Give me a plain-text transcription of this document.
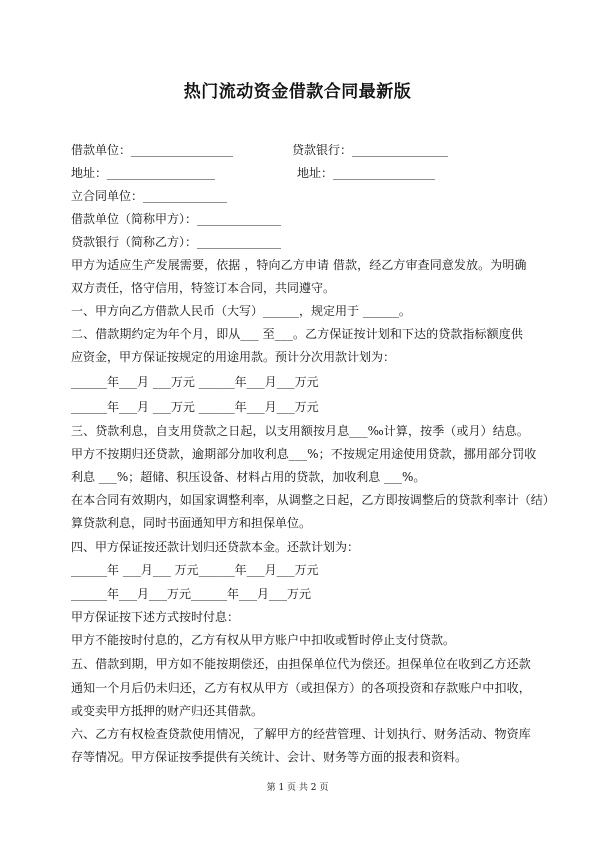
热门流动资金借款合同最新版
借款单位：_________________	贷款银行：________________
地址：__________________	地址：_________________
立合同单位：______________
借款单位（简称甲方）：______________
贷款银行（简称乙方）：______________
甲方为适应生产发展需要，依据 ，特向乙方申请 借款，经乙方审查同意发放。为明确
双方责任，恪守信用，特签订本合同，共同遵守。
一、甲方向乙方借款人民币（大写）______，规定用于 ______。
二、借款期约定为年个月，即从___ 至___。乙方保证按计划和下达的贷款指标额度供
应资金，甲方保证按规定的用途用款。预计分次用款计划为：
______年___月 ___万元 ______年___月___万元
______年___月 ___万元 ______年___月___万元
三、贷款利息，自支用贷款之日起，以支用额按月息___‰计算，按季（或月）结息。
甲方不按期归还贷款，逾期部分加收利息___%；不按规定用途使用贷款，挪用部分罚收
利息 ___%；超储、积压设备、材料占用的贷款，加收利息 ___%。
在本合同有效期内，如国家调整利率，从调整之日起，乙方即按调整后的贷款利率计（结）
算贷款利息，同时书面通知甲方和担保单位。
四、甲方保证按还款计划归还贷款本金。还款计划为：
______年 ___月___ 万元______年___月___万元
______年___月___万元______年___月___万元
甲方保证按下述方式按时付息：
甲方不能按时付息的，乙方有权从甲方账户中扣收或暂时停止支付贷款。
五、借款到期，甲方如不能按期偿还，由担保单位代为偿还。担保单位在收到乙方还款
通知一个月后仍未归还，乙方有权从甲方（或担保方）的各项投资和存款账户中扣收，
或变卖甲方抵押的财产归还其借款。
六、乙方有权检查贷款使用情况，了解甲方的经营管理、计划执行、财务活动、物资库
存等情况。甲方保证按季提供有关统计、会计、财务等方面的报表和资料。
第 1 页 共 2 页
